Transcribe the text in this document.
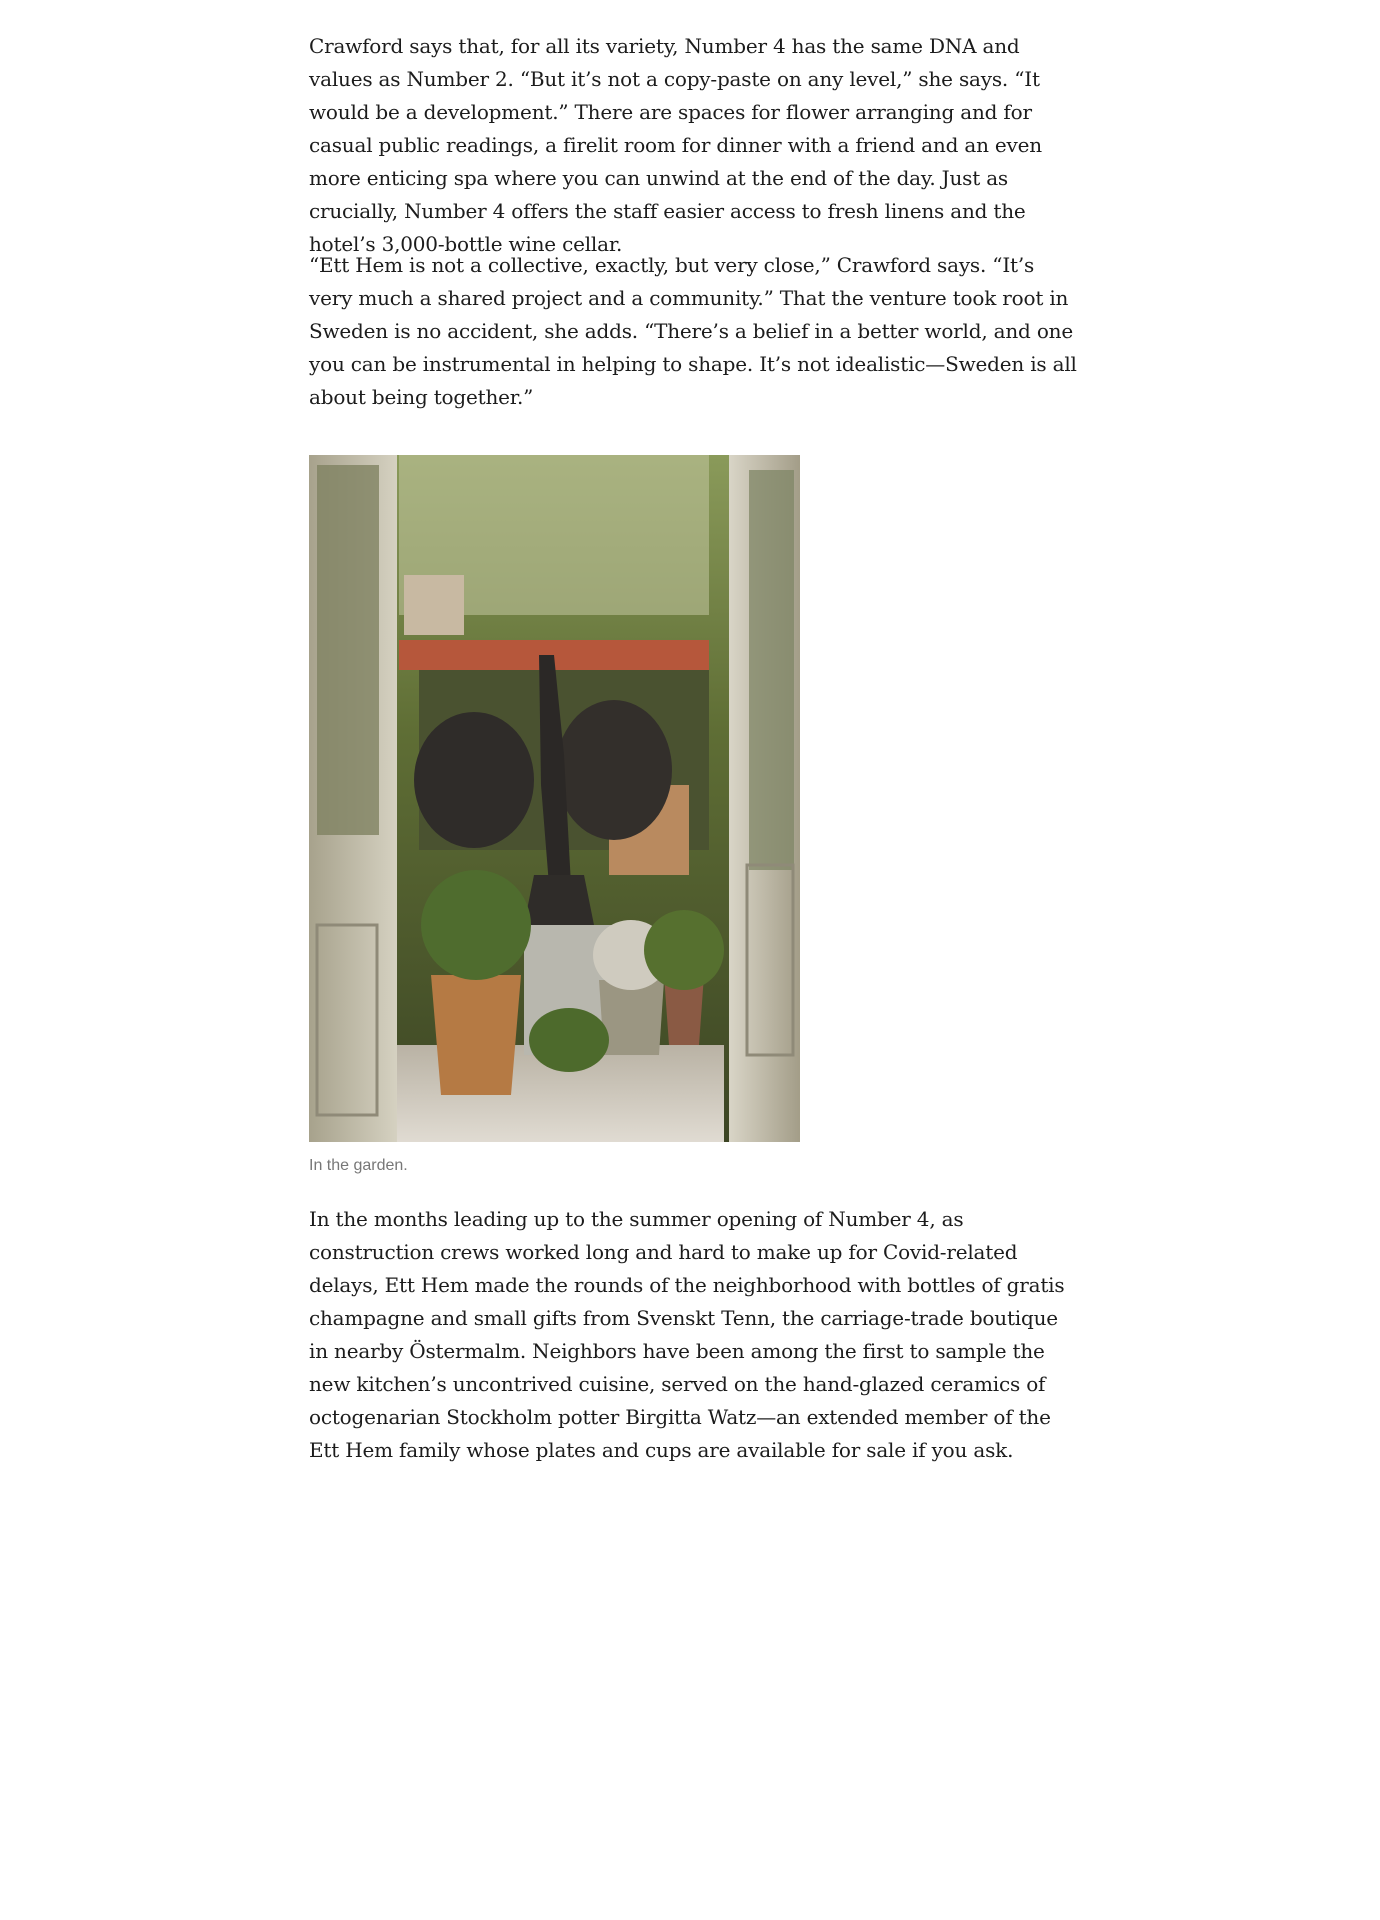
Crawford says that, for all its variety, Number 4 has the same DNA and values as Number 2. “But it’s not a copy-paste on any level,” she says. “It would be a development.” There are spaces for flower arranging and for casual public readings, a firelit room for dinner with a friend and an even more enticing spa where you can unwind at the end of the day. Just as crucially, Number 4 offers the staff easier access to fresh linens and the hotel’s 3,000-bottle wine cellar.

“Ett Hem is not a collective, exactly, but very close,” Crawford says. “It’s very much a shared project and a community.” That the venture took root in Sweden is no accident, she adds. “There’s a belief in a better world, and one you can be instrumental in helping to shape. It’s not idealistic—Sweden is all about being together.”

In the garden.

In the months leading up to the summer opening of Number 4, as construction crews worked long and hard to make up for Covid-related delays, Ett Hem made the rounds of the neighborhood with bottles of gratis champagne and small gifts from Svenskt Tenn, the carriage-trade boutique in nearby Östermalm. Neighbors have been among the first to sample the new kitchen’s uncontrived cuisine, served on the hand-glazed ceramics of octogenarian Stockholm potter Birgitta Watz—an extended member of the Ett Hem family whose plates and cups are available for sale if you ask.
